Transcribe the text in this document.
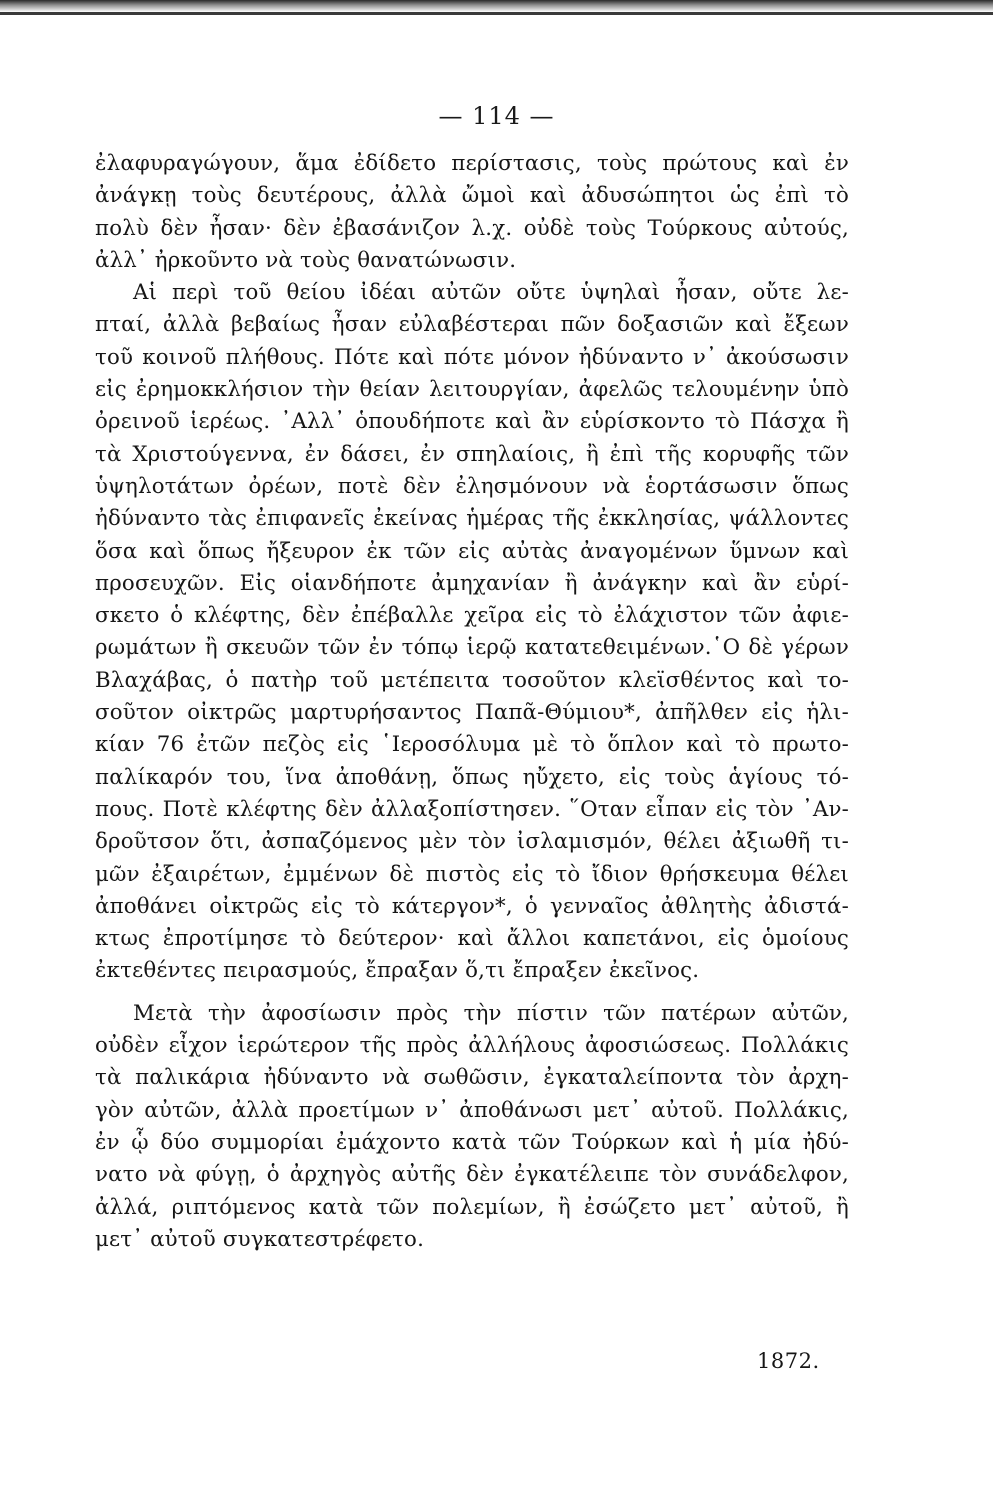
— 114 —
ἐλαφυραγώγουν, ἅμα ἐδίδετο περίστασις, τοὺς πρώτους καὶ ἐν
ἀνάγκῃ τοὺς δευτέρους, ἀλλὰ ὤμοὶ καὶ ἀδυσώπητοι ὡς ἐπὶ τὸ
πολὺ δὲν ἦσαν· δὲν ἐβασάνιζον λ.χ. οὐδὲ τοὺς Τούρκους αὐτούς,
ἀλλ᾿ ἠρκοῦντο νὰ τοὺς θανατώνωσιν.
Αἱ περὶ τοῦ θείου ἰδέαι αὐτῶν οὔτε ὑψηλαὶ ἦσαν, οὔτε λε-
πταί, ἀλλὰ βεβαίως ἦσαν εὐλαβέστεραι πῶν δοξασιῶν καὶ ἔξεων
τοῦ κοινοῦ πλήθους. Πότε καὶ πότε μόνον ἠδύναντο ν᾿ ἀκούσωσιν
εἰς ἐρημοκκλήσιον τὴν θείαν λειτουργίαν, ἀφελῶς τελουμένην ὑπὸ
ὀρεινοῦ ἱερέως. ᾿Αλλ᾿ ὁπουδήποτε καὶ ἂν εὑρίσκοντο τὸ Πάσχα ἢ
τὰ Χριστούγεννα, ἐν δάσει, ἐν σπηλαίοις, ἢ ἐπὶ τῆς κορυφῆς τῶν
ὑψηλοτάτων ὀρέων, ποτὲ δὲν ἐλησμόνουν νὰ ἑορτάσωσιν ὅπως
ἠδύναντο τὰς ἐπιφανεῖς ἐκείνας ἡμέρας τῆς ἐκκλησίας, ψάλλοντες
ὅσα καὶ ὅπως ἤξευρον ἐκ τῶν εἰς αὐτὰς ἀναγομένων ὕμνων καὶ
προσευχῶν. Εἰς οἱανδήποτε ἀμηχανίαν ἢ ἀνάγκην καὶ ἂν εὑρί-
σκετο ὁ κλέφτης, δὲν ἐπέβαλλε χεῖρα εἰς τὸ ἐλάχιστον τῶν ἀφιε-
ρωμάτων ἢ σκευῶν τῶν ἐν τόπῳ ἱερῷ κατατεθειμένων.῾Ο δὲ γέρων
Βλαχάβας, ὁ πατὴρ τοῦ μετέπειτα τοσοῦτον κλεϊσθέντος καὶ το-
σοῦτον οἰκτρῶς μαρτυρήσαντος Παπᾶ-Θύμιου*, ἀπῆλθεν εἰς ἡλι-
κίαν 76 ἐτῶν πεζὸς εἰς ῾Ιεροσόλυμα μὲ τὸ ὅπλον καὶ τὸ πρωτο-
παλίκαρόν του, ἵνα ἀποθάνῃ, ὅπως ηὔχετο, εἰς τοὺς ἁγίους τό-
πους. Ποτὲ κλέφτης δὲν ἀλλαξοπίστησεν. ῞Οταν εἶπαν εἰς τὸν ᾿Αν-
δροῦτσον ὅτι, ἀσπαζόμενος μὲν τὸν ἰσλαμισμόν, θέλει ἀξιωθῆ τι-
μῶν ἐξαιρέτων, ἐμμένων δὲ πιστὸς εἰς τὸ ἴδιον θρήσκευμα θέλει
ἀποθάνει οἰκτρῶς εἰς τὸ κάτεργον*, ὁ γενναῖος ἀθλητὴς ἀδιστά-
κτως ἐπροτίμησε τὸ δεύτερον· καὶ ἄλλοι καπετάνοι, εἰς ὁμοίους
ἐκτεθέντες πειρασμούς, ἔπραξαν ὅ,τι ἔπραξεν ἐκεῖνος.
Μετὰ τὴν ἀφοσίωσιν πρὸς τὴν πίστιν τῶν πατέρων αὐτῶν,
οὐδὲν εἶχον ἱερώτερον τῆς πρὸς ἀλλήλους ἀφοσιώσεως. Πολλάκις
τὰ παλικάρια ἠδύναντο νὰ σωθῶσιν, ἐγκαταλείποντα τὸν ἀρχη-
γὸν αὐτῶν, ἀλλὰ προετίμων ν᾿ ἀποθάνωσι μετ᾿ αὐτοῦ. Πολλάκις,
ἐν ᾧ δύο συμμορίαι ἐμάχοντο κατὰ τῶν Τούρκων καὶ ἡ μία ἠδύ-
νατο νὰ φύγῃ, ὁ ἀρχηγὸς αὐτῆς δὲν ἐγκατέλειπε τὸν συνάδελφον,
ἀλλά, ριπτόμενος κατὰ τῶν πολεμίων, ἢ ἐσώζετο μετ᾿ αὐτοῦ, ἢ
μετ᾿ αὐτοῦ συγκατεστρέφετο.
1872.
